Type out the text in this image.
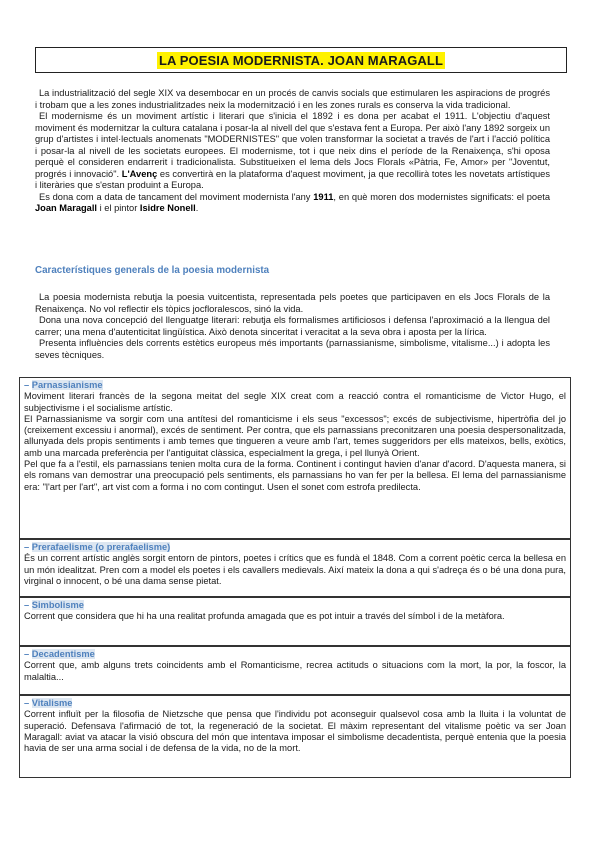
LA POESIA MODERNISTA. JOAN MARAGALL

La industrialització del segle XIX va desembocar en un procés de canvis socials que estimularen les aspiracions de progrés i trobam que a les zones industrialitzades neix la modernització i en les zones rurals es conserva la vida tradicional.

El modernisme és un moviment artístic i literari que s'inicia el 1892 i es dona per acabat el 1911. L'objectiu d'aquest moviment és modernitzar la cultura catalana i posar-la al nivell del que s'estava fent a Europa. Per això l'any 1892 sorgeix un grup d'artistes i intel·lectuals anomenats "MODERNISTES" que volen transformar la societat a través de l'art i l'acció política i posar-la al nivell de les societats europees. El modernisme, tot i que neix dins el període de la Renaixença, s'hi oposa perquè el consideren endarrerit i tradicionalista. Substitueixen el lema dels Jocs Florals «Pàtria, Fe, Amor» per "Joventut, progrés i innovació". L'Avenç es convertirà en la plataforma d'aquest moviment, ja que recollirà totes les novetats artístiques i literàries que s'estan produint a Europa.

Es dona com a data de tancament del moviment modernista l'any 1911, en què moren dos modernistes significats: el poeta Joan Maragall i el pintor Isidre Nonell.

Característiques generals de la poesia modernista

La poesia modernista rebutja la poesia vuitcentista, representada pels poetes que participaven en els Jocs Florals de la Renaixença. No vol reflectir els tòpics jocfloralescos, sinó la vida.

Dona una nova concepció del llenguatge literari: rebutja els formalismes artificiosos i defensa l'aproximació a la llengua del carrer; una mena d'autenticitat lingüística. Això denota sinceritat i veracitat a la seva obra i aposta per la lírica.

Presenta influències dels corrents estètics europeus més importants (parnassianisme, simbolisme, vitalisme...) i adopta les seves tècniques.

– Parnassianisme

Moviment literari francès de la segona meitat del segle XIX creat com a reacció contra el romanticisme de Victor Hugo, el subjectivisme i el socialisme artístic.

El Parnassianisme va sorgir com una antítesi del romanticisme i els seus "excessos"; excés de subjectivisme, hipertròfia del jo (creixement excessiu i anormal), excés de sentiment. Per contra, que els parnassians preconitzaren una poesia despersonalitzada, allunyada dels propis sentiments i amb temes que tingueren a veure amb l'art, temes suggeridors per ells mateixos, bells, exòtics, amb una marcada preferència per l'antiguitat clàssica, especialment la grega, i pel llunyà Orient.

Pel que fa a l'estil, els parnassians tenien molta cura de la forma. Continent i contingut havien d'anar d'acord. D'aquesta manera, si els romans van demostrar una preocupació pels sentiments, els parnassians ho van fer per la bellesa. El lema del parnassianisme era: "l'art per l'art", art vist com a forma i no com contingut. Usen el sonet com estrofa predilecta.

– Prerafaelisme (o prerafaelisme)

És un corrent artístic anglès sorgit entorn de pintors, poetes i crítics que es fundà el 1848. Com a corrent poètic cerca la bellesa en un món idealitzat. Pren com a model els poetes i els cavallers medievals. Així mateix la dona a qui s'adreça és o bé una dona pura, virginal o innocent, o bé una dama sense pietat.

– Simbolisme

Corrent que considera que hi ha una realitat profunda amagada que es pot intuir a través del símbol i de la metàfora.

– Decadentisme

Corrent que, amb alguns trets coincidents amb el Romanticisme, recrea actituds o situacions com la mort, la por, la foscor, la malaltia...

– Vitalisme

Corrent influït per la filosofia de Nietzsche que pensa que l'individu pot aconseguir qualsevol cosa amb la lluita i la voluntat de superació. Defensava l'afirmació de tot, la regeneració de la societat. El màxim representant del vitalisme poètic va ser Joan Maragall: aviat va atacar la visió obscura del món que intentava imposar el simbolisme decadentista, perquè entenia que la poesia havia de ser una arma social i de defensa de la vida, no de la mort.
